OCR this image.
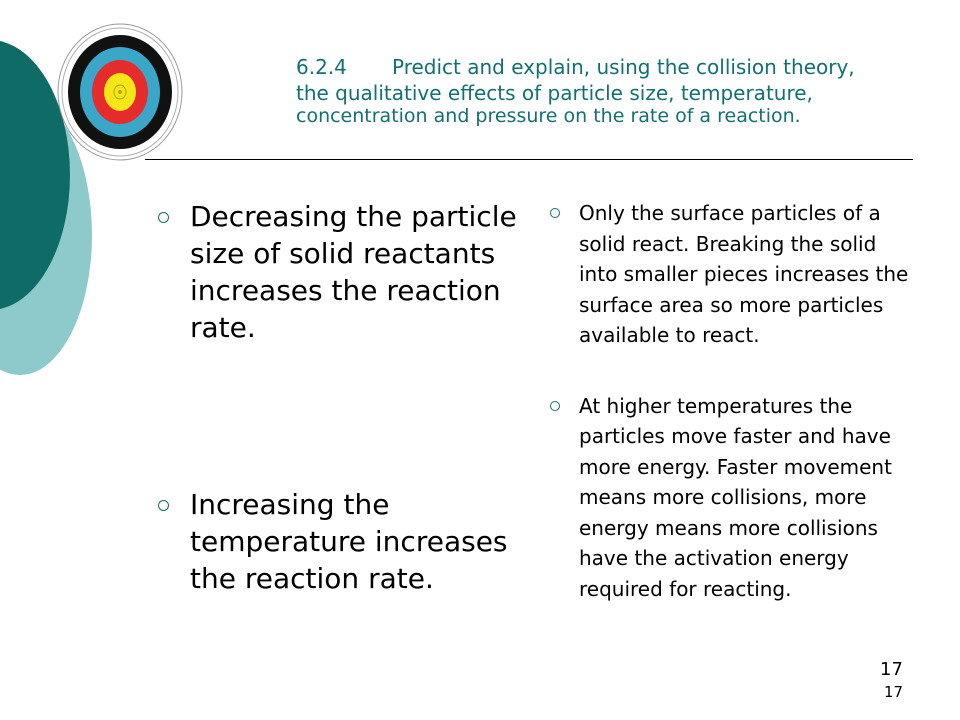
6.2.4 Predict and explain, using the collision theory,
the qualitative effects of particle size, temperature,
concentration and pressure on the rate of a reaction.
Decreasing the particle size of solid reactants increases the reaction rate.
Increasing the temperature increases the reaction rate.
Only the surface particles of a solid react. Breaking the solid into smaller pieces increases the surface area so more particles available to react.
At higher temperatures the particles move faster and have more energy. Faster movement means more collisions, more energy means more collisions have the activation energy required for reacting.
17
17
